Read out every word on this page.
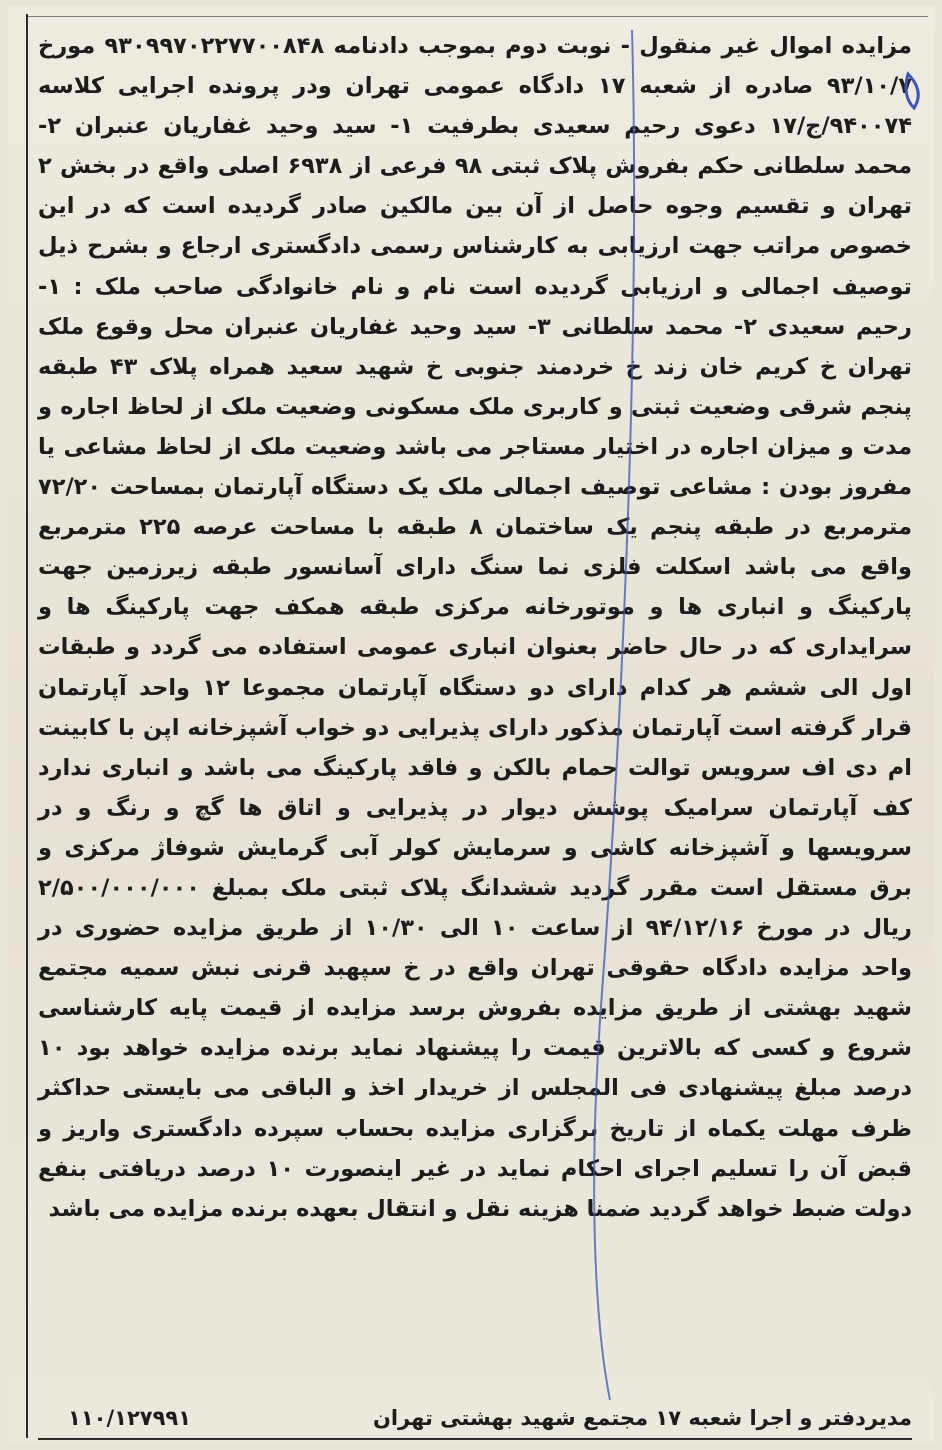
مزایده اموال غیر منقول - نوبت دوم بموجب دادنامه ۹۳۰۹۹۷۰۲۲۷۷۰۰۸۴۸ مورخ ۹۳/۱۰/۷ صادره از شعبه ۱۷ دادگاه عمومی تهران ودر پرونده اجرایی کلاسه ۹۴۰۰۷۴/ج/۱۷ دعوی رحیم سعیدی بطرفیت ۱- سید وحید غفاریان عنبران ۲- محمد سلطانی حکم بفروش پلاک ثبتی ۹۸ فرعی از ۶۹۳۸ اصلی واقع در بخش ۲ تهران و تقسیم وجوه حاصل از آن بین مالکین صادر گردیده است که در این خصوص مراتب جهت ارزیابی به کارشناس رسمی دادگستری ارجاع و بشرح ذیل توصیف اجمالی و ارزیابی گردیده است نام و نام خانوادگی صاحب ملک : ۱- رحیم سعیدی ۲- محمد سلطانی ۳- سید وحید غفاریان عنبران محل وقوع ملک تهران خ کریم خان زند خ خردمند جنوبی خ شهید سعید همراه پلاک ۴۳ طبقه پنجم شرقی وضعیت ثبتی و کاربری ملک مسکونی وضعیت ملک از لحاظ اجاره و مدت و میزان اجاره در اختیار مستاجر می باشد وضعیت ملک از لحاظ مشاعی یا مفروز بودن : مشاعی توصیف اجمالی ملک یک دستگاه آپارتمان بمساحت ۷۲/۲۰ مترمربع در طبقه پنجم یک ساختمان ۸ طبقه با مساحت عرصه ۲۲۵ مترمربع واقع می باشد اسکلت فلزی نما سنگ دارای آسانسور طبقه زیرزمین جهت پارکینگ و انباری ها و موتورخانه مرکزی طبقه همکف جهت پارکینگ ها و سرایداری که در حال حاضر بعنوان انباری عمومی استفاده می گردد و طبقات اول الی ششم هر کدام دارای دو دستگاه آپارتمان مجموعا ۱۲ واحد آپارتمان قرار گرفته است آپارتمان مذکور دارای پذیرایی دو خواب آشپزخانه اپن با کابینت ام دی اف سرویس توالت حمام بالکن و فاقد پارکینگ می باشد و انباری ندارد کف آپارتمان سرامیک پوشش دیوار در پذیرایی و اتاق ها گچ و رنگ و در سرویسها و آشپزخانه کاشی و سرمایش کولر آبی گرمایش شوفاژ مرکزی و برق مستقل است مقرر گردید ششدانگ پلاک ثبتی ملک بمبلغ ۲/۵۰۰/۰۰۰/۰۰۰ ریال در مورخ ۹۴/۱۲/۱۶ از ساعت ۱۰ الی ۱۰/۳۰ از طریق مزایده حضوری در واحد مزایده دادگاه حقوقی تهران واقع در خ سپهبد قرنی نبش سمیه مجتمع شهید بهشتی از طریق مزایده بفروش برسد مزایده از قیمت پایه کارشناسی شروع و کسی که بالاترین قیمت را پیشنهاد نماید برنده مزایده خواهد بود ۱۰ درصد مبلغ پیشنهادی فی المجلس از خریدار اخذ و الباقی می بایستی حداکثر ظرف مهلت یکماه از تاریخ برگزاری مزایده بحساب سپرده دادگستری واریز و قبض آن را تسلیم اجرای احکام نماید در غیر اینصورت ۱۰ درصد دریافتی بنفع دولت ضبط خواهد گردید ضمنا هزینه نقل و انتقال بعهده برنده مزایده می باشد
مدیردفتر و اجرا شعبه ۱۷ مجتمع شهید بهشتی تهران
۱۱۰/۱۲۷۹۹۱
